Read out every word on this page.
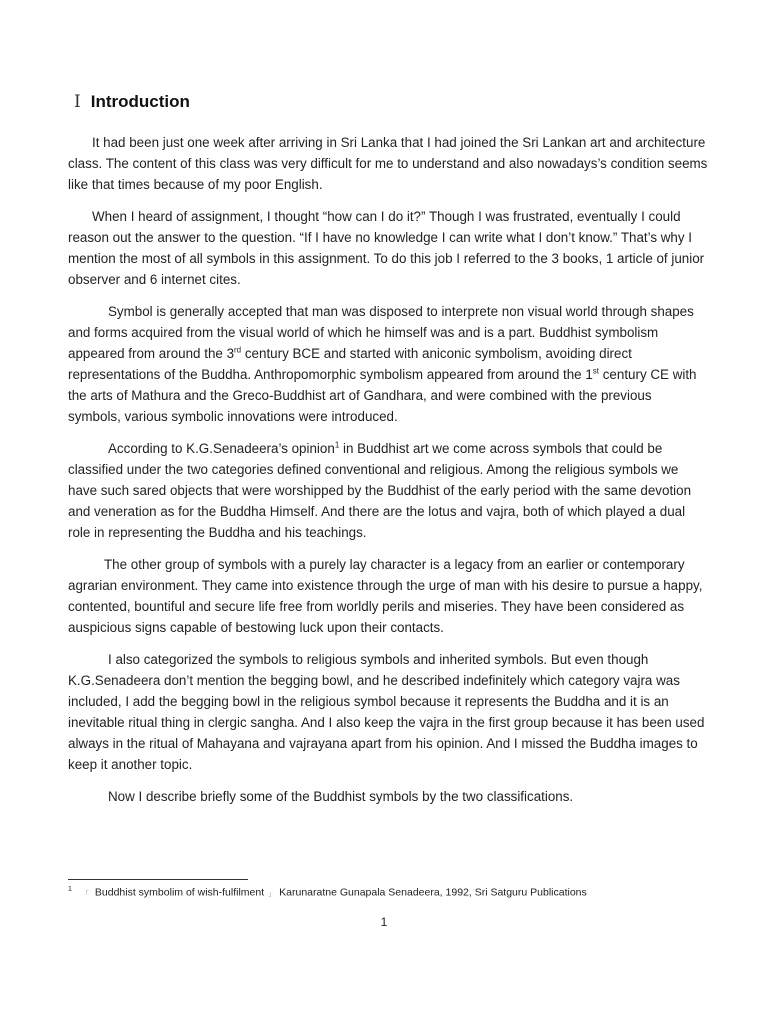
I Introduction

It had been just one week after arriving in Sri Lanka that I had joined the Sri Lankan art and architecture class. The content of this class was very difficult for me to understand and also nowadays’s condition seems like that times because of my poor English.

When I heard of assignment, I thought “how can I do it?” Though I was frustrated, eventually I could reason out the answer to the question. “If I have no knowledge I can write what I don’t know.” That’s why I mention the most of all symbols in this assignment. To do this job I referred to the 3 books, 1 article of junior observer and 6 internet cites.

Symbol is generally accepted that man was disposed to interprete non visual world through shapes and forms acquired from the visual world of which he himself was and is a part. Buddhist symbolism appeared from around the 3rd century BCE and started with aniconic symbolism, avoiding direct representations of the Buddha. Anthropomorphic symbolism appeared from around the 1st century CE with the arts of Mathura and the Greco-Buddhist art of Gandhara, and were combined with the previous symbols, various symbolic innovations were introduced.

According to K.G.Senadeera’s opinion$^1$ in Buddhist art we come across symbols that could be classified under the two categories defined conventional and religious. Among the religious symbols we have such sared objects that were worshipped by the Buddhist of the early period with the same devotion and veneration as for the Buddha Himself. And there are the lotus and vajra, both of which played a dual role in representing the Buddha and his teachings.

The other group of symbols with a purely lay character is a legacy from an earlier or contemporary agrarian environment. They came into existence through the urge of man with his desire to pursue a happy, contented, bountiful and secure life free from worldly perils and miseries. They have been considered as auspicious signs capable of bestowing luck upon their contacts.

I also categorized the symbols to religious symbols and inherited symbols. But even though K.G.Senadeera don’t mention the begging bowl, and he described indefinitely which category vajra was included, I add the begging bowl in the religious symbol because it represents the Buddha and it is an inevitable ritual thing in clergic sangha. And I also keep the vajra in the first group because it has been used always in the ritual of Mahayana and vajrayana apart from his opinion. And I missed the Buddha images to keep it another topic.

Now I describe briefly some of the Buddhist symbols by the two classifications.

$^1$「 Buddhist symbolim of wish-fulfilment 」 Karunaratne Gunapala Senadeera, 1992, Sri Satguru Publications
1
